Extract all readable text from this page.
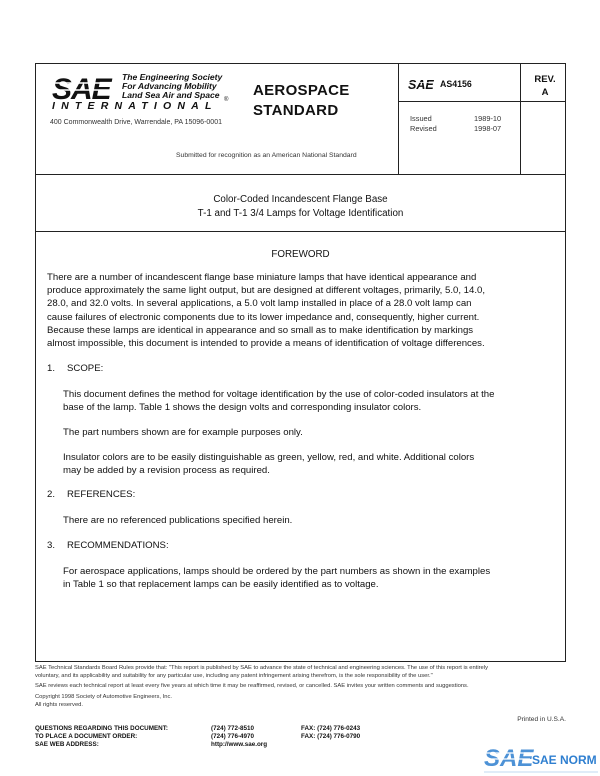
SAE The Engineering Society
For Advancing Mobility
Land Sea Air and Space
INTERNATIONAL ®
400 Commonwealth Drive, Warrendale, PA 15096-0001
AEROSPACE
STANDARD
Submitted for recognition as an American National Standard
SAE AS4156	REV.
A
Issued	1989-10
Revised	1998-07
Color-Coded Incandescent Flange Base
T-1 and T-1 3/4 Lamps for Voltage Identification
FOREWORD
There are a number of incandescent flange base miniature lamps that have identical appearance and
produce approximately the same light output, but are designed at different voltages, primarily, 5.0, 14.0,
28.0, and 32.0 volts. In several applications, a 5.0 volt lamp installed in place of a 28.0 volt lamp can
cause failures of electronic components due to its lower impedance and, consequently, higher current.
Because these lamps are identical in appearance and so small as to make identification by markings
almost impossible, this document is intended to provide a means of identification of voltage differences.
1. SCOPE:
This document defines the method for voltage identification by the use of color-coded insulators at the
base of the lamp. Table 1 shows the design volts and corresponding insulator colors.
The part numbers shown are for example purposes only.
Insulator colors are to be easily distinguishable as green, yellow, red, and white. Additional colors
may be added by a revision process as required.
2. REFERENCES:
There are no referenced publications specified herein.
3. RECOMMENDATIONS:
For aerospace applications, lamps should be ordered by the part numbers as shown in the examples
in Table 1 so that replacement lamps can be easily identified as to voltage.
SAE Technical Standards Board Rules provide that: "This report is published by SAE to advance the state of technical and engineering sciences. The use of this report is entirely
voluntary, and its applicability and suitability for any particular use, including any patent infringement arising therefrom, is the sole responsibility of the user."
SAE reviews each technical report at least every five years at which time it may be reaffirmed, revised, or cancelled. SAE invites your written comments and suggestions.
Copyright 1998 Society of Automotive Engineers, Inc.
All rights reserved.
Printed in U.S.A.
QUESTIONS REGARDING THIS DOCUMENT:	(724) 772-8510	FAX: (724) 776-0243
TO PLACE A DOCUMENT ORDER:	(724) 776-4970	FAX: (724) 776-0790
SAE WEB ADDRESS:	http://www.sae.org
SAE
SAE NORM
